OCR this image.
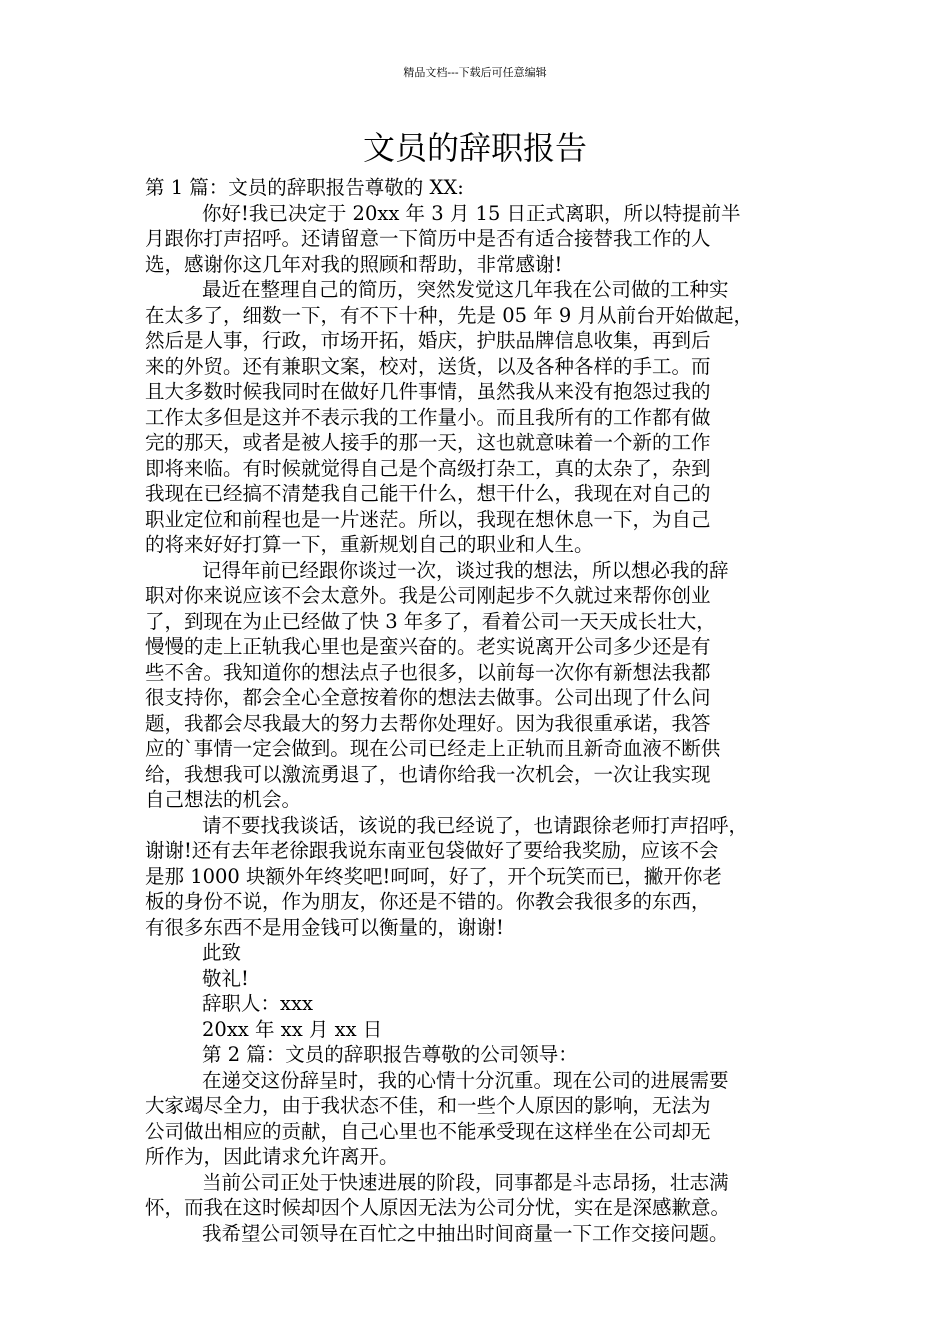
精品文档---下载后可任意编辑
文员的辞职报告
第 1 篇：文员的辞职报告尊敬的 XX:
你好!我已决定于 20xx 年 3 月 15 日正式离职，所以特提前半
月跟你打声招呼。还请留意一下简历中是否有适合接替我工作的人
选，感谢你这几年对我的照顾和帮助，非常感谢!
最近在整理自己的简历，突然发觉这几年我在公司做的工种实
在太多了，细数一下，有不下十种，先是 05 年 9 月从前台开始做起，
然后是人事，行政，市场开拓，婚庆，护肤品牌信息收集，再到后
来的外贸。还有兼职文案，校对，送货，以及各种各样的手工。而
且大多数时候我同时在做好几件事情，虽然我从来没有抱怨过我的
工作太多但是这并不表示我的工作量小。而且我所有的工作都有做
完的那天，或者是被人接手的那一天，这也就意味着一个新的工作
即将来临。有时候就觉得自己是个高级打杂工，真的太杂了，杂到
我现在已经搞不清楚我自己能干什么，想干什么，我现在对自己的
职业定位和前程也是一片迷茫。所以，我现在想休息一下，为自己
的将来好好打算一下，重新规划自己的职业和人生。
记得年前已经跟你谈过一次，谈过我的想法，所以想必我的辞
职对你来说应该不会太意外。我是公司刚起步不久就过来帮你创业
了，到现在为止已经做了快 3 年多了，看着公司一天天成长壮大，
慢慢的走上正轨我心里也是蛮兴奋的。老实说离开公司多少还是有
些不舍。我知道你的想法点子也很多，以前每一次你有新想法我都
很支持你，都会全心全意按着你的想法去做事。公司出现了什么问
题，我都会尽我最大的努力去帮你处理好。因为我很重承诺，我答
应的`事情一定会做到。现在公司已经走上正轨而且新奇血液不断供
给，我想我可以激流勇退了，也请你给我一次机会，一次让我实现
自己想法的机会。
请不要找我谈话，该说的我已经说了，也请跟徐老师打声招呼，
谢谢!还有去年老徐跟我说东南亚包袋做好了要给我奖励，应该不会
是那 1000 块额外年终奖吧!呵呵，好了，开个玩笑而已，撇开你老
板的身份不说，作为朋友，你还是不错的。你教会我很多的东西，
有很多东西不是用金钱可以衡量的，谢谢!
此致
敬礼!
辞职人：xxx
20xx 年 xx 月 xx 日
第 2 篇：文员的辞职报告尊敬的公司领导：
在递交这份辞呈时，我的心情十分沉重。现在公司的进展需要
大家竭尽全力，由于我状态不佳，和一些个人原因的影响，无法为
公司做出相应的贡献，自己心里也不能承受现在这样坐在公司却无
所作为，因此请求允许离开。
当前公司正处于快速进展的阶段，同事都是斗志昂扬，壮志满
怀，而我在这时候却因个人原因无法为公司分忧，实在是深感歉意。
我希望公司领导在百忙之中抽出时间商量一下工作交接问题。
